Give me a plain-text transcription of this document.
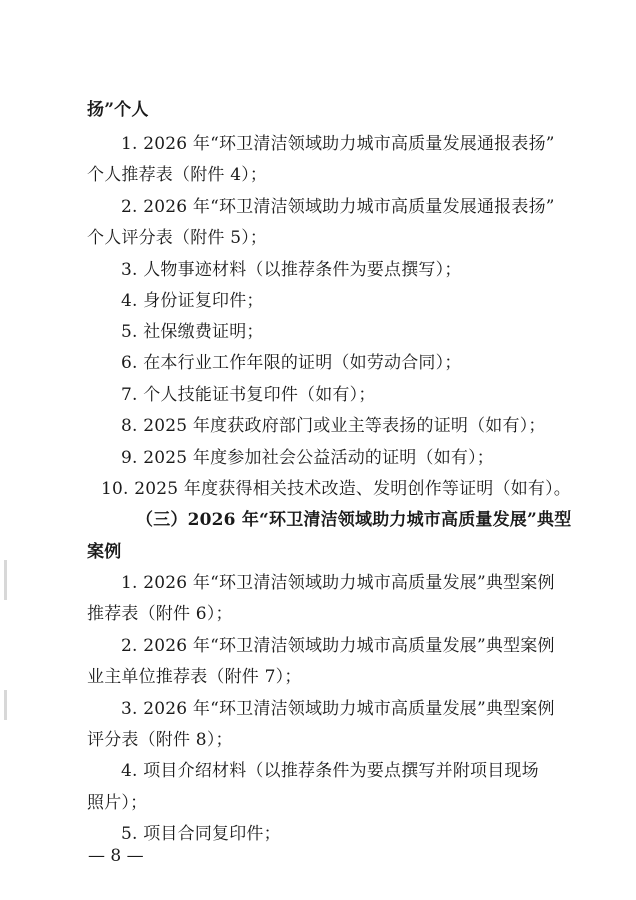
扬”个人
1. 2026 年“环卫清洁领域助力城市高质量发展通报表扬”
个人推荐表（附件 4）；
2. 2026 年“环卫清洁领域助力城市高质量发展通报表扬”
个人评分表（附件 5）；
3. 人物事迹材料（以推荐条件为要点撰写）；
4. 身份证复印件；
5. 社保缴费证明；
6. 在本行业工作年限的证明（如劳动合同）；
7. 个人技能证书复印件（如有）；
8. 2025 年度获政府部门或业主等表扬的证明（如有）；
9. 2025 年度参加社会公益活动的证明（如有）；
10. 2025 年度获得相关技术改造、发明创作等证明（如有）。
（三）2026 年“环卫清洁领域助力城市高质量发展”典型
案例
1. 2026 年“环卫清洁领域助力城市高质量发展”典型案例
推荐表（附件 6）；
2. 2026 年“环卫清洁领域助力城市高质量发展”典型案例
业主单位推荐表（附件 7）；
3. 2026 年“环卫清洁领域助力城市高质量发展”典型案例
评分表（附件 8）；
4. 项目介绍材料（以推荐条件为要点撰写并附项目现场
照片）；
5. 项目合同复印件；
— 8 —
